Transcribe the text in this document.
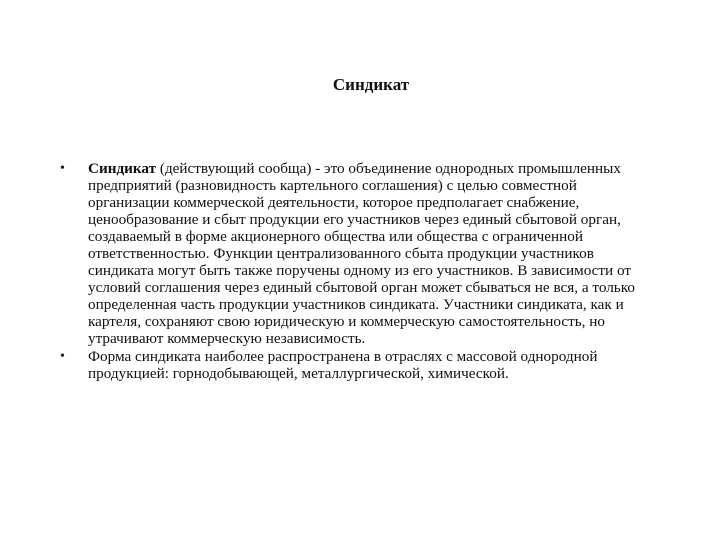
Синдикат
•	Синдикат (действующий сообща) - это объединение однородных промышленных предприятий (разновидность картельного соглашения) с целью совместной организации коммерческой деятельности, которое предполагает снабжение, ценообразование и сбыт продукции его участников через единый сбытовой орган, создаваемый в форме акционерного общества или общества с ограниченной ответственностью. Функции централизованного сбыта продукции участников синдиката могут быть также поручены одному из его участников. В зависимости от условий соглашения через единый сбытовой орган может сбываться не вся, а только определенная часть продукции участников синдиката. Участники синдиката, как и картеля, сохраняют свою юридическую и коммерческую самостоятельность, но утрачивают коммерческую независимость.
•	Форма синдиката наиболее распространена в отраслях с массовой однородной продукцией: горнодобывающей, металлургической, химической.
